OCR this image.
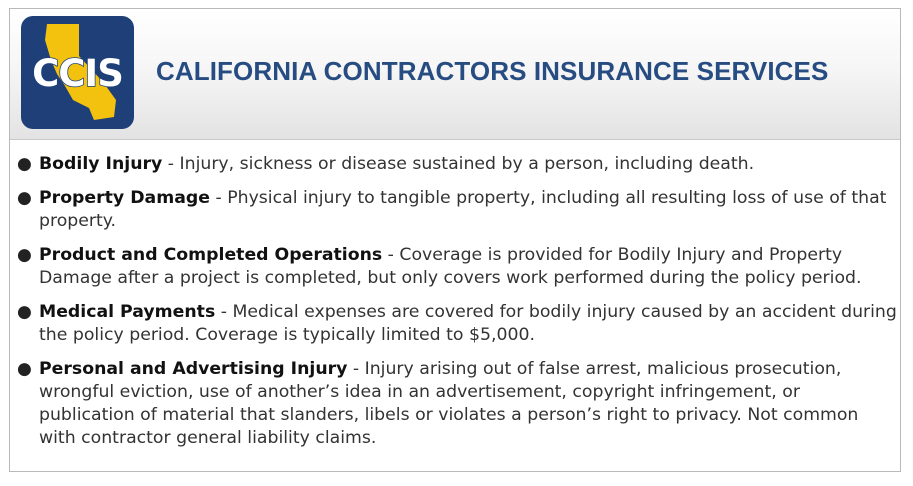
CCIS CALIFORNIA CONTRACTORS INSURANCE SERVICES
● Bodily Injury - Injury, sickness or disease sustained by a person, including death.
● Property Damage - Physical injury to tangible property, including all resulting loss of use of that property.
● Product and Completed Operations - Coverage is provided for Bodily Injury and Property Damage after a project is completed, but only covers work performed during the policy period.
● Medical Payments - Medical expenses are covered for bodily injury caused by an accident during the policy period. Coverage is typically limited to $5,000.
● Personal and Advertising Injury - Injury arising out of false arrest, malicious prosecution, wrongful eviction, use of another’s idea in an advertisement, copyright infringement, or publication of material that slanders, libels or violates a person’s right to privacy. Not common with contractor general liability claims.
